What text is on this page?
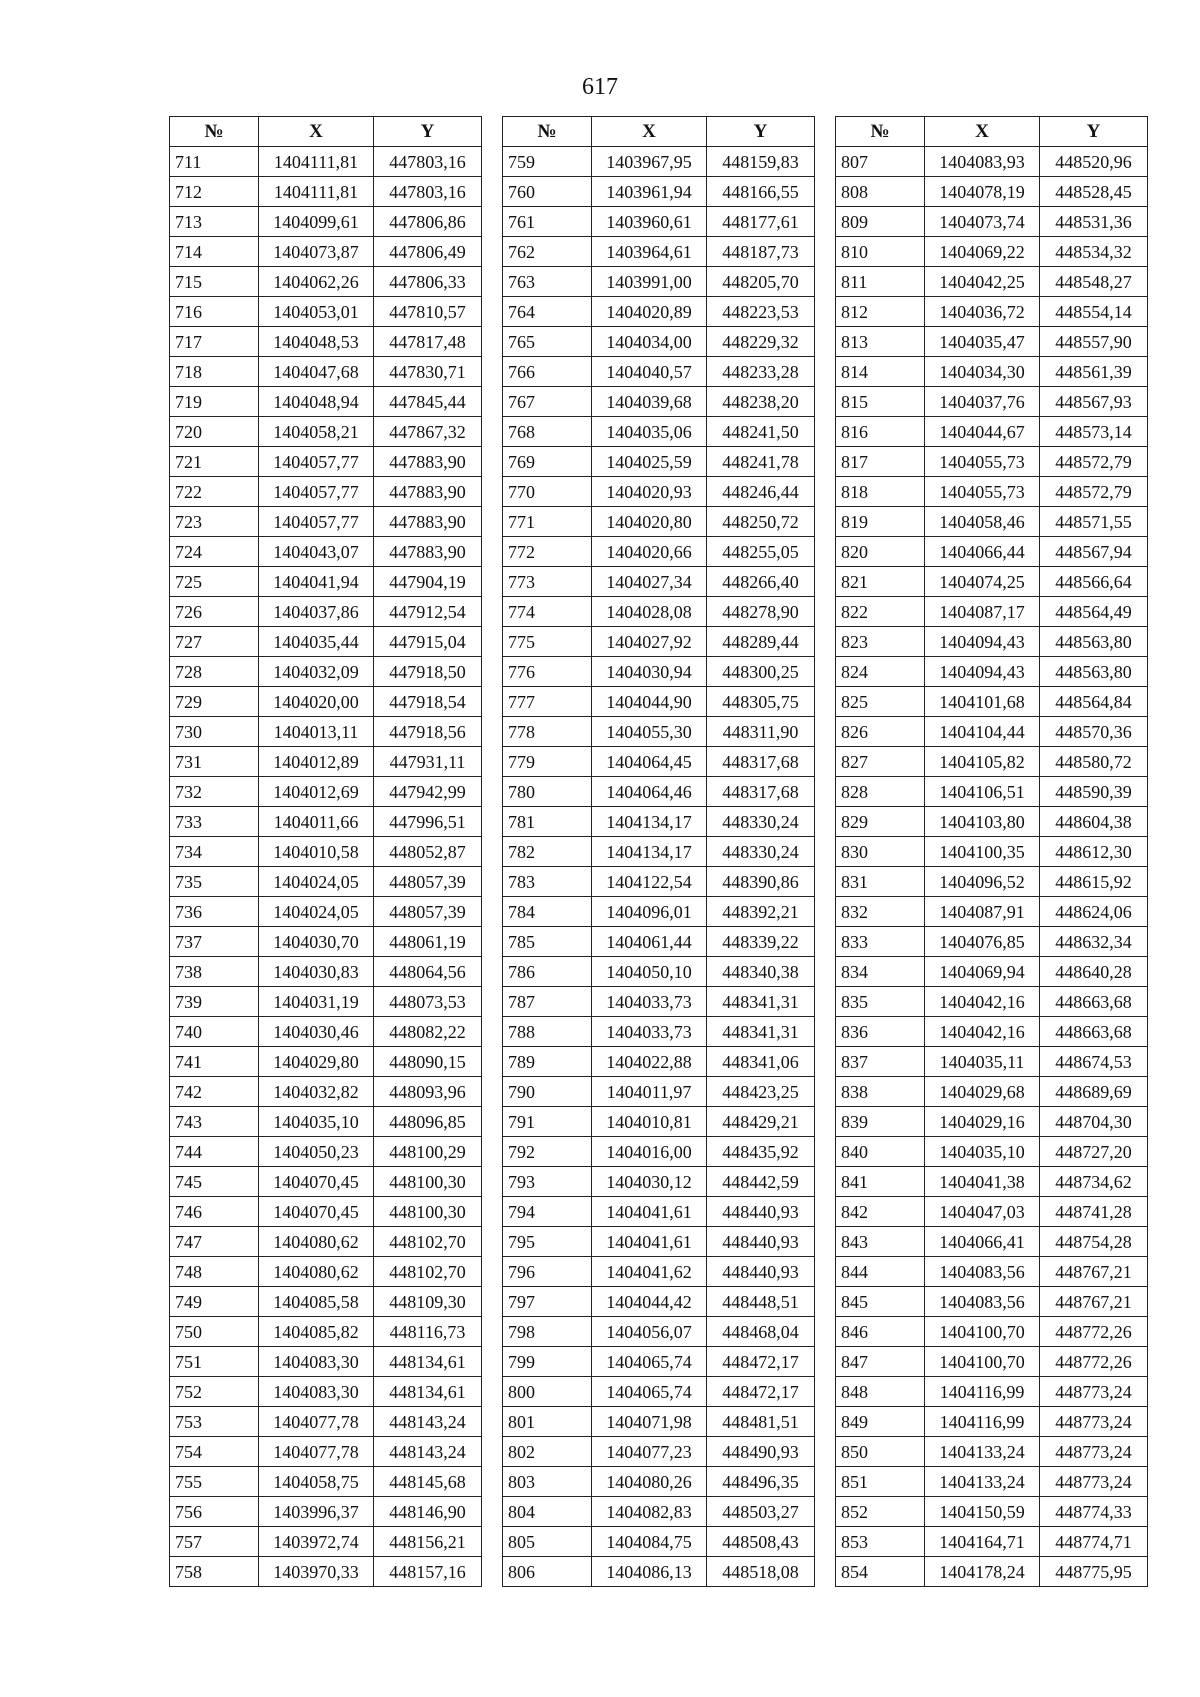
617
№	X	Y
711	1404111,81	447803,16
712	1404111,81	447803,16
713	1404099,61	447806,86
714	1404073,87	447806,49
715	1404062,26	447806,33
716	1404053,01	447810,57
717	1404048,53	447817,48
718	1404047,68	447830,71
719	1404048,94	447845,44
720	1404058,21	447867,32
721	1404057,77	447883,90
722	1404057,77	447883,90
723	1404057,77	447883,90
724	1404043,07	447883,90
725	1404041,94	447904,19
726	1404037,86	447912,54
727	1404035,44	447915,04
728	1404032,09	447918,50
729	1404020,00	447918,54
730	1404013,11	447918,56
731	1404012,89	447931,11
732	1404012,69	447942,99
733	1404011,66	447996,51
734	1404010,58	448052,87
735	1404024,05	448057,39
736	1404024,05	448057,39
737	1404030,70	448061,19
738	1404030,83	448064,56
739	1404031,19	448073,53
740	1404030,46	448082,22
741	1404029,80	448090,15
742	1404032,82	448093,96
743	1404035,10	448096,85
744	1404050,23	448100,29
745	1404070,45	448100,30
746	1404070,45	448100,30
747	1404080,62	448102,70
748	1404080,62	448102,70
749	1404085,58	448109,30
750	1404085,82	448116,73
751	1404083,30	448134,61
752	1404083,30	448134,61
753	1404077,78	448143,24
754	1404077,78	448143,24
755	1404058,75	448145,68
756	1403996,37	448146,90
757	1403972,74	448156,21
758	1403970,33	448157,16
№	X	Y
759	1403967,95	448159,83
760	1403961,94	448166,55
761	1403960,61	448177,61
762	1403964,61	448187,73
763	1403991,00	448205,70
764	1404020,89	448223,53
765	1404034,00	448229,32
766	1404040,57	448233,28
767	1404039,68	448238,20
768	1404035,06	448241,50
769	1404025,59	448241,78
770	1404020,93	448246,44
771	1404020,80	448250,72
772	1404020,66	448255,05
773	1404027,34	448266,40
774	1404028,08	448278,90
775	1404027,92	448289,44
776	1404030,94	448300,25
777	1404044,90	448305,75
778	1404055,30	448311,90
779	1404064,45	448317,68
780	1404064,46	448317,68
781	1404134,17	448330,24
782	1404134,17	448330,24
783	1404122,54	448390,86
784	1404096,01	448392,21
785	1404061,44	448339,22
786	1404050,10	448340,38
787	1404033,73	448341,31
788	1404033,73	448341,31
789	1404022,88	448341,06
790	1404011,97	448423,25
791	1404010,81	448429,21
792	1404016,00	448435,92
793	1404030,12	448442,59
794	1404041,61	448440,93
795	1404041,61	448440,93
796	1404041,62	448440,93
797	1404044,42	448448,51
798	1404056,07	448468,04
799	1404065,74	448472,17
800	1404065,74	448472,17
801	1404071,98	448481,51
802	1404077,23	448490,93
803	1404080,26	448496,35
804	1404082,83	448503,27
805	1404084,75	448508,43
806	1404086,13	448518,08
№	X	Y
807	1404083,93	448520,96
808	1404078,19	448528,45
809	1404073,74	448531,36
810	1404069,22	448534,32
811	1404042,25	448548,27
812	1404036,72	448554,14
813	1404035,47	448557,90
814	1404034,30	448561,39
815	1404037,76	448567,93
816	1404044,67	448573,14
817	1404055,73	448572,79
818	1404055,73	448572,79
819	1404058,46	448571,55
820	1404066,44	448567,94
821	1404074,25	448566,64
822	1404087,17	448564,49
823	1404094,43	448563,80
824	1404094,43	448563,80
825	1404101,68	448564,84
826	1404104,44	448570,36
827	1404105,82	448580,72
828	1404106,51	448590,39
829	1404103,80	448604,38
830	1404100,35	448612,30
831	1404096,52	448615,92
832	1404087,91	448624,06
833	1404076,85	448632,34
834	1404069,94	448640,28
835	1404042,16	448663,68
836	1404042,16	448663,68
837	1404035,11	448674,53
838	1404029,68	448689,69
839	1404029,16	448704,30
840	1404035,10	448727,20
841	1404041,38	448734,62
842	1404047,03	448741,28
843	1404066,41	448754,28
844	1404083,56	448767,21
845	1404083,56	448767,21
846	1404100,70	448772,26
847	1404100,70	448772,26
848	1404116,99	448773,24
849	1404116,99	448773,24
850	1404133,24	448773,24
851	1404133,24	448773,24
852	1404150,59	448774,33
853	1404164,71	448774,71
854	1404178,24	448775,95
